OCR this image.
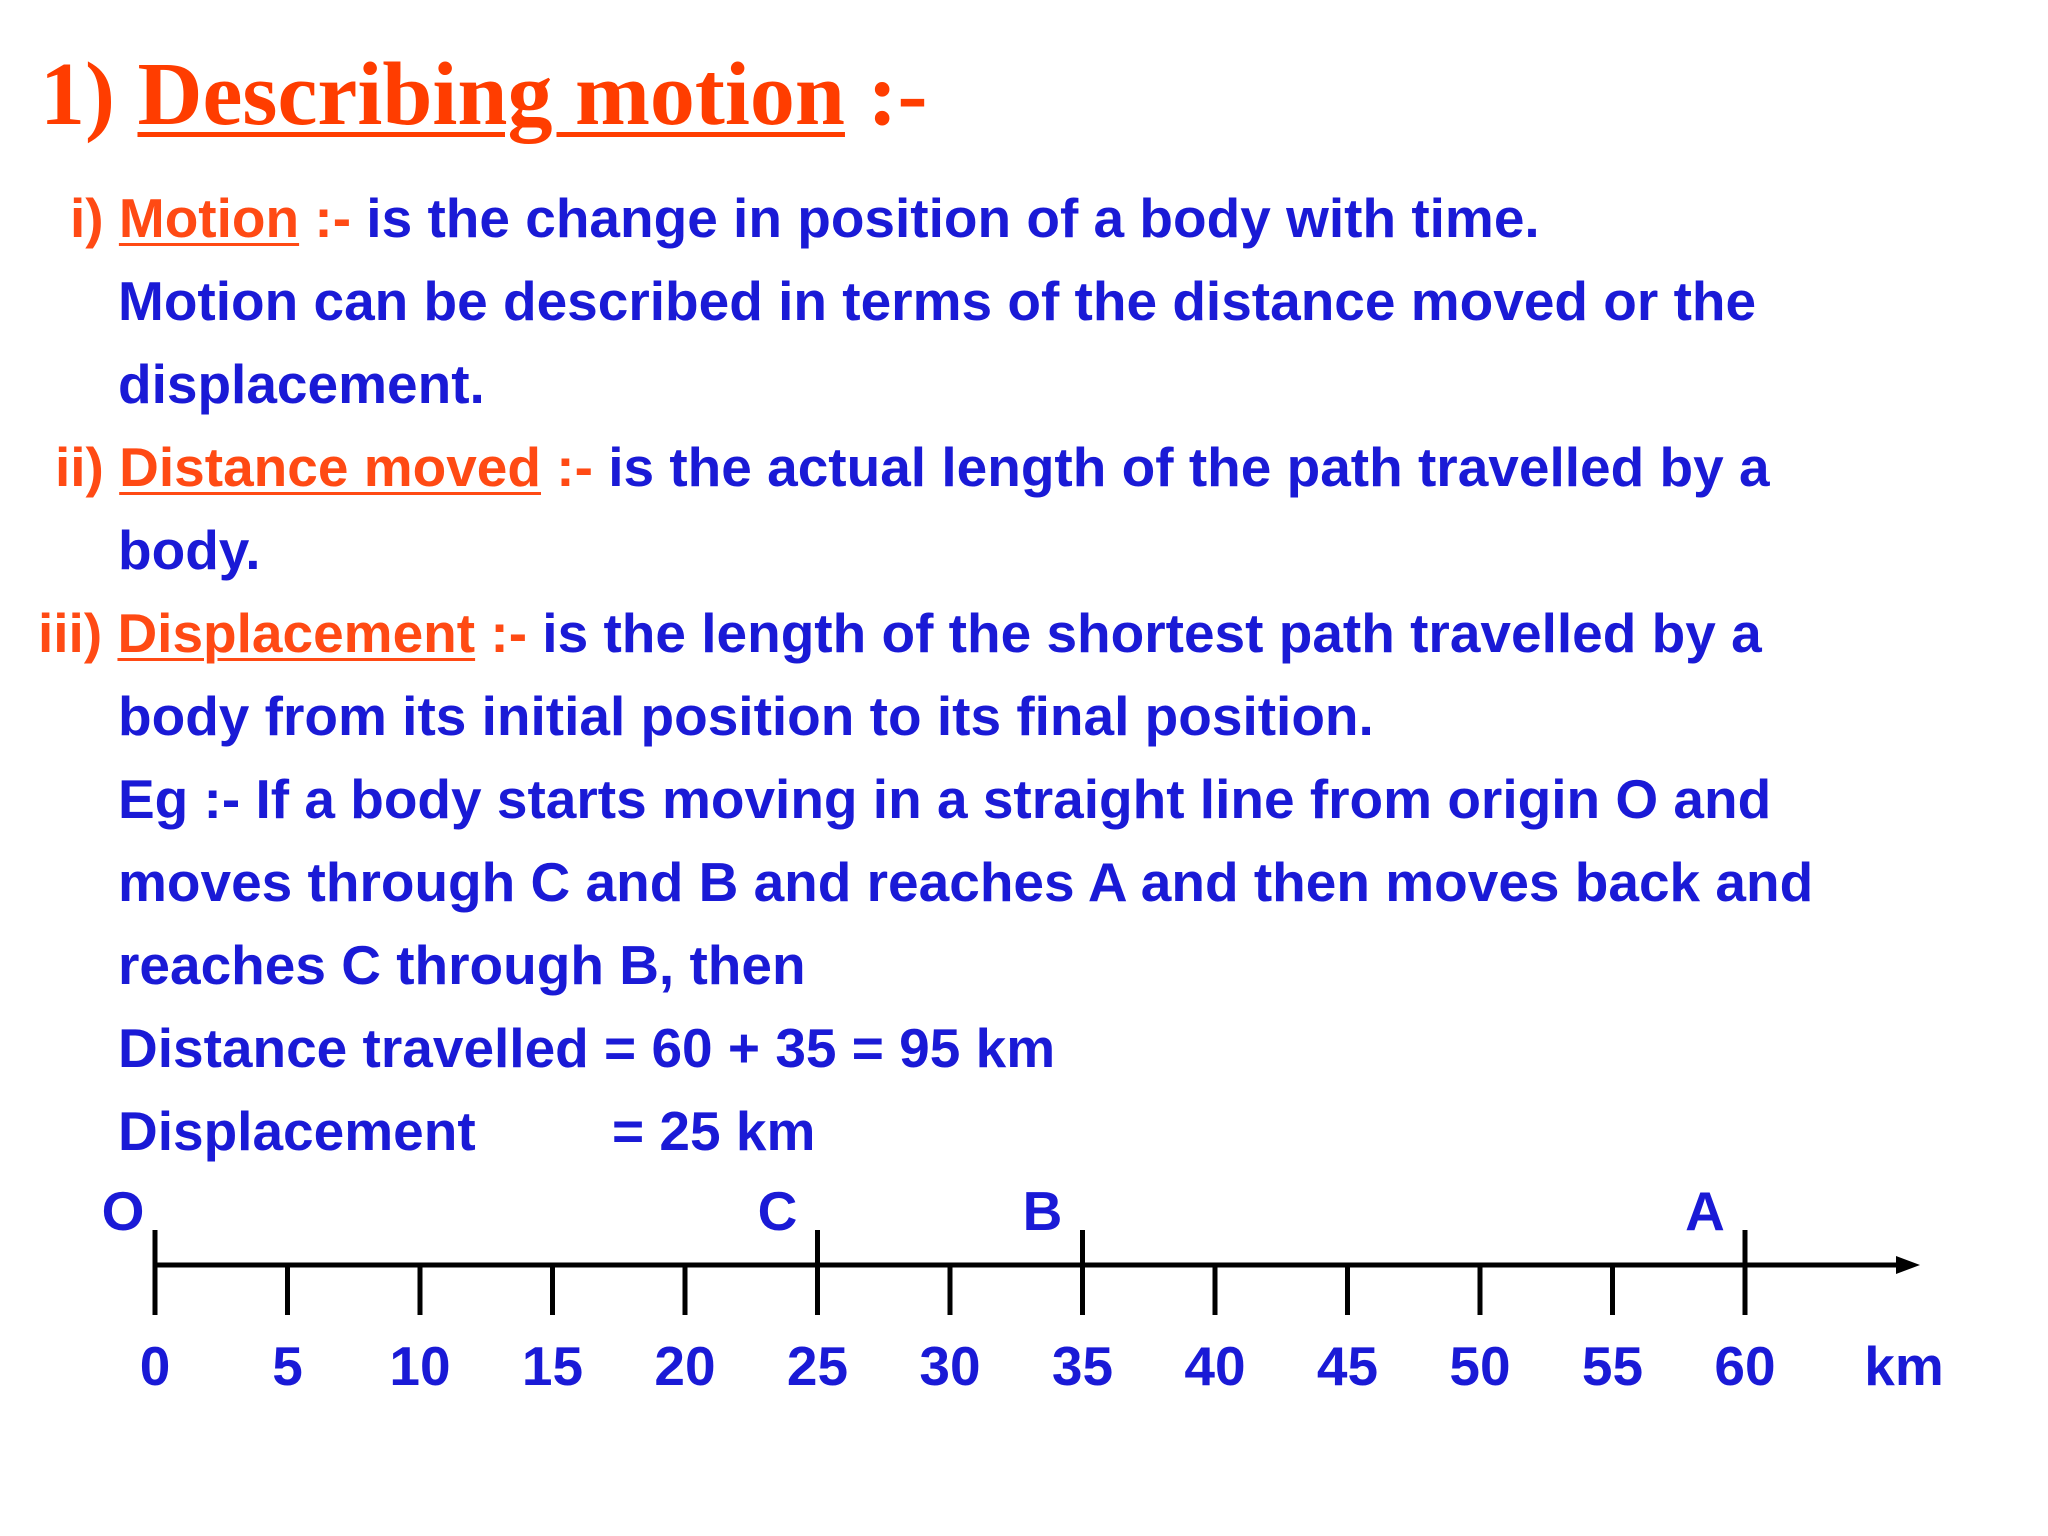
1) Describing motion :-
i) Motion :- is the change in position of a body with time.
Motion can be described in terms of the distance moved or the
displacement.
ii) Distance moved :- is the actual length of the path travelled by a
body.
iii) Displacement :- is the length of the shortest path travelled by a
body from its initial position to its final position.
Eg :- If a body starts moving in a straight line from origin O and
moves through C and B and reaches A and then moves back and
reaches C through B, then
Distance travelled = 60 + 35 = 95 km
Displacement = 25 km
0 5 10 15 20 25 30 35 40 45 50 55 60 km
O	C	B	A
